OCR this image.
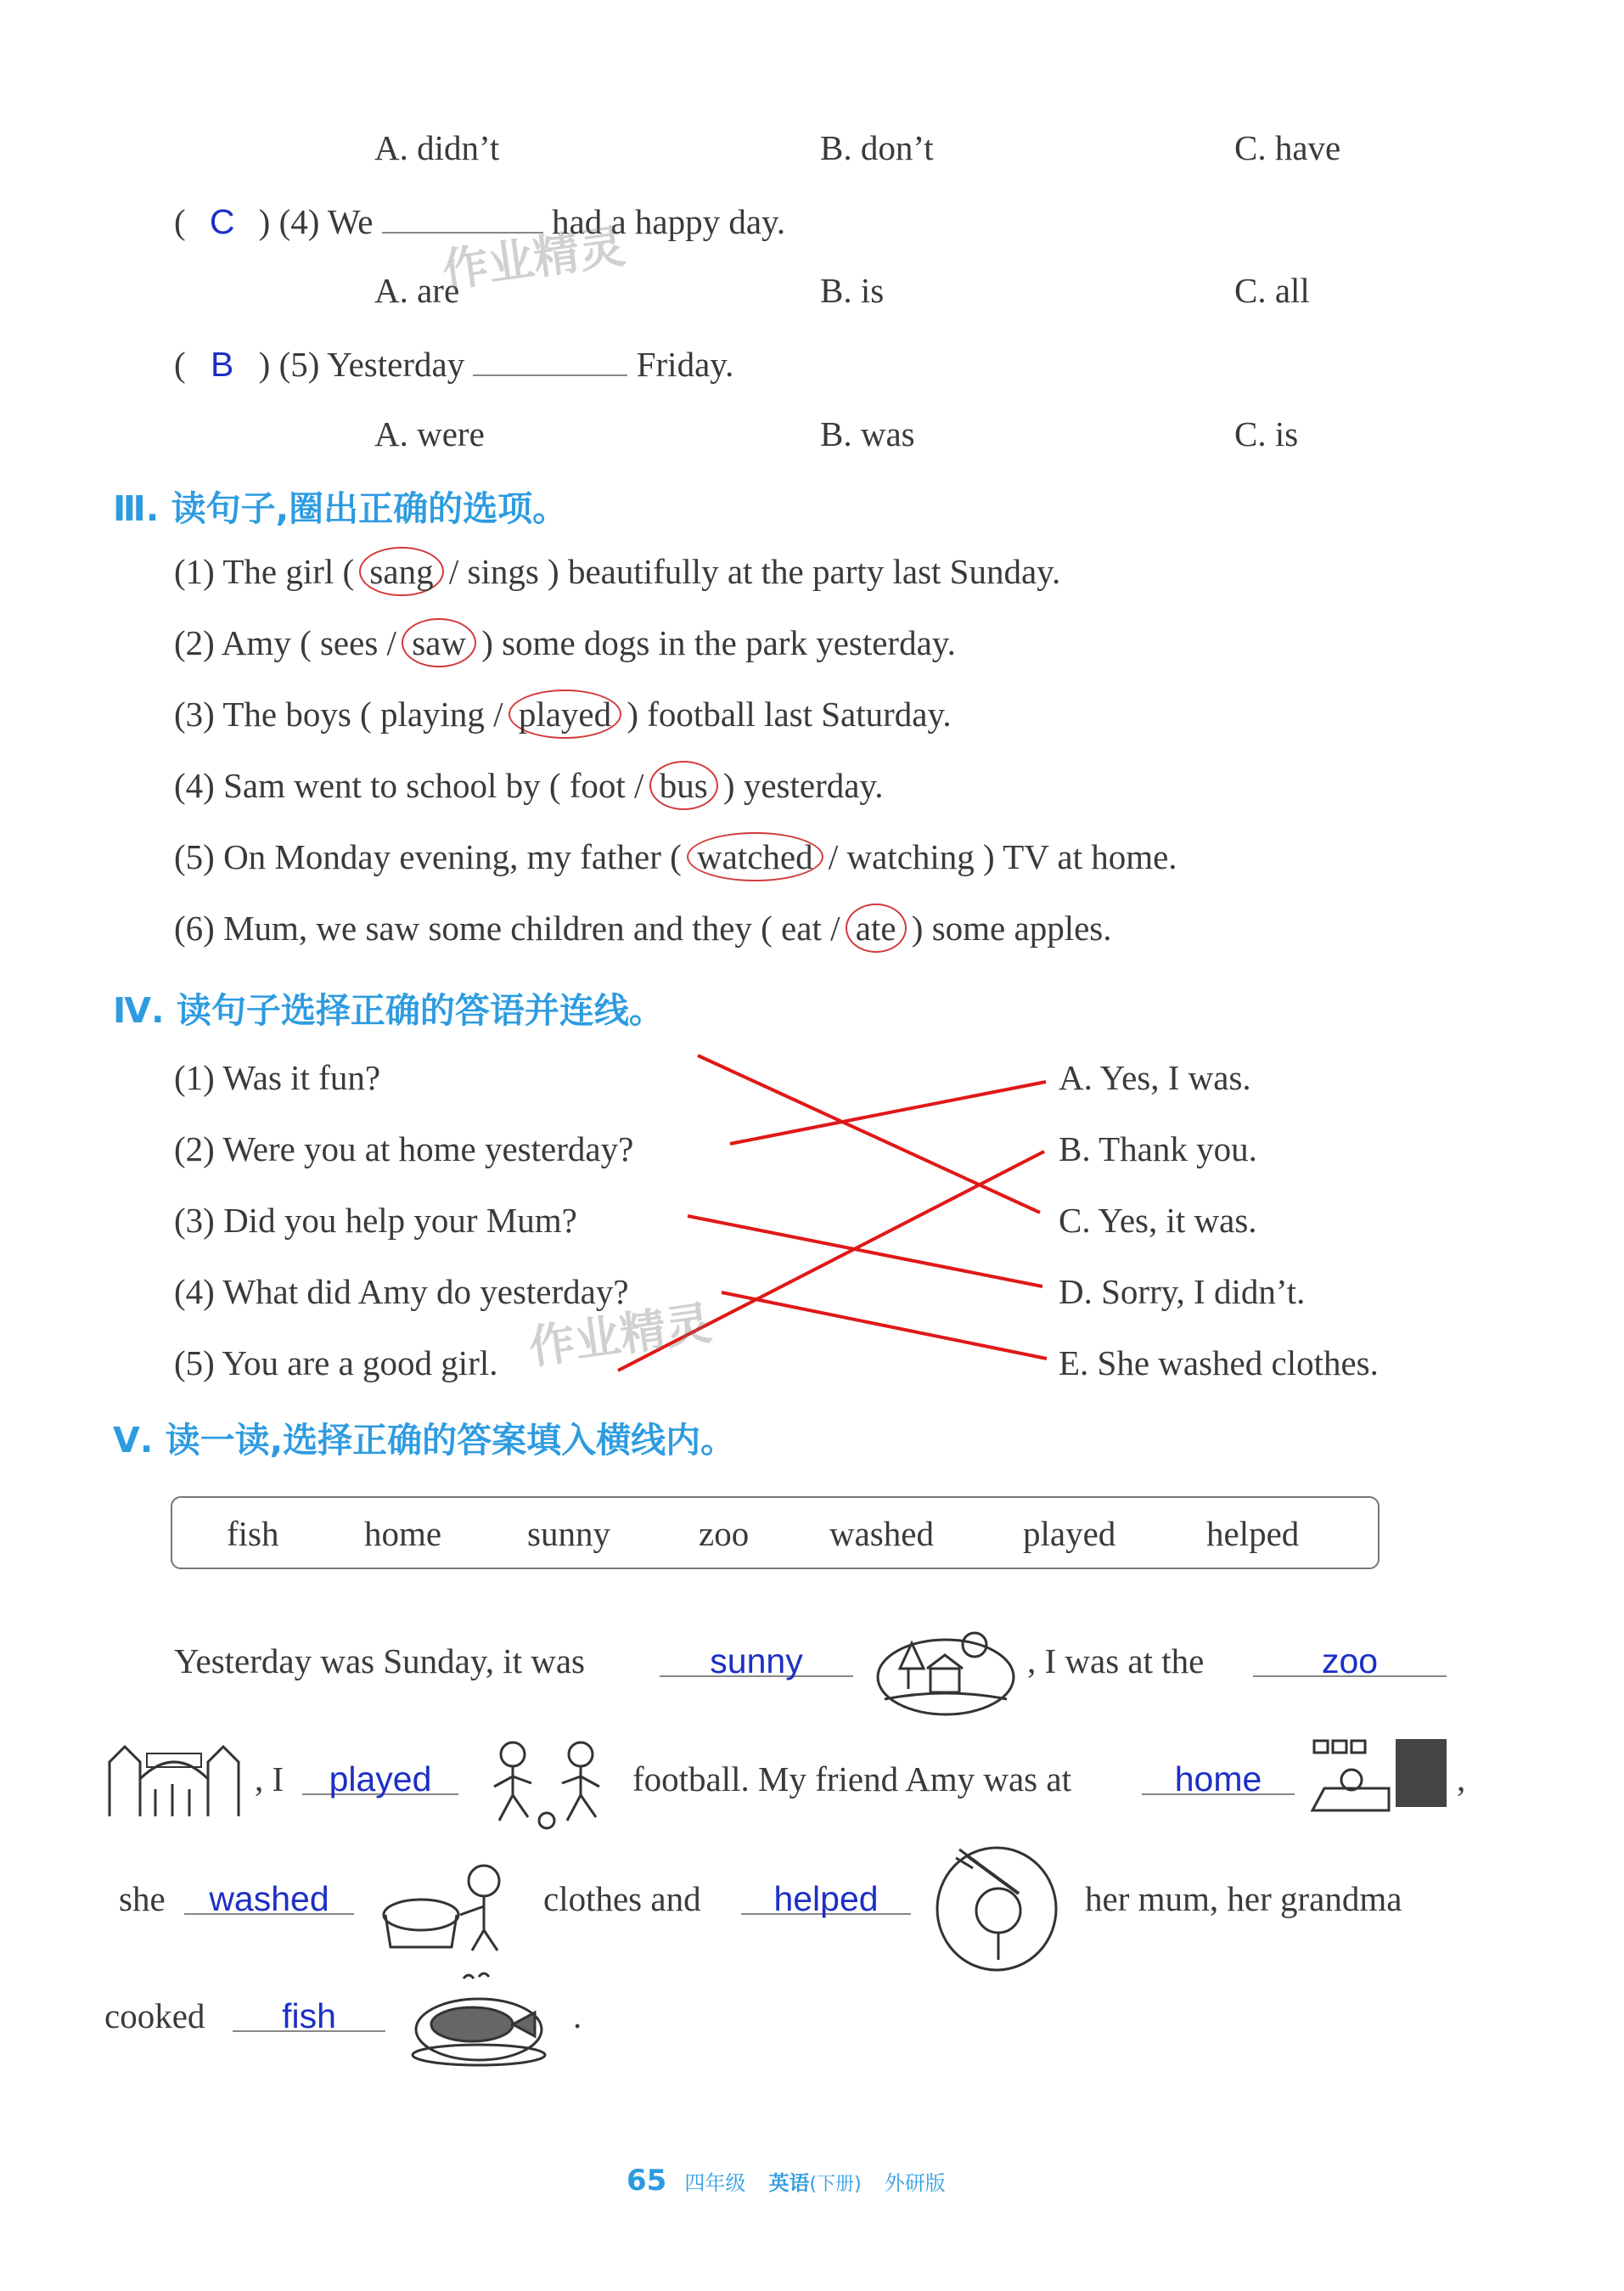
A. didn’t	B. don’t	C. have
( C ) (4) We	had a happy day.
A. are	B. is	C. all
( B ) (5) Yesterday	Friday.
A. were	B. was	C. is
作业精灵
Ⅲ. 读句子,圈出正确的选项。
(1) The girl ( sang / sings ) beautifully at the party last Sunday.
(2) Amy ( sees / saw ) some dogs in the park yesterday.
(3) The boys ( playing / played ) football last Saturday.
(4) Sam went to school by ( foot / bus ) yesterday.
(5) On Monday evening, my father ( watched / watching ) TV at home.
(6) Mum, we saw some children and they ( eat / ate ) some apples.
Ⅳ. 读句子选择正确的答语并连线。
(1) Was it fun?
(2) Were you at home yesterday?
(3) Did you help your Mum?
(4) What did Amy do yesterday?
(5) You are a good girl.
A. Yes, I was.
B. Thank you.
C. Yes, it was.
D. Sorry, I didn’t.
E. She washed clothes.
作业精灵
Ⅴ. 读一读,选择正确的答案填入横线内。
fish home sunny	zoo washed	played	helped
Yesterday was Sunday, it was	sunny	, I was at the	zoo
, I	played	football. My friend Amy was at	home	,
she	washed	clothes and	helped	her mum, her grandma
cooked	fish	.
65 四年级 英语(下册) 外研版
